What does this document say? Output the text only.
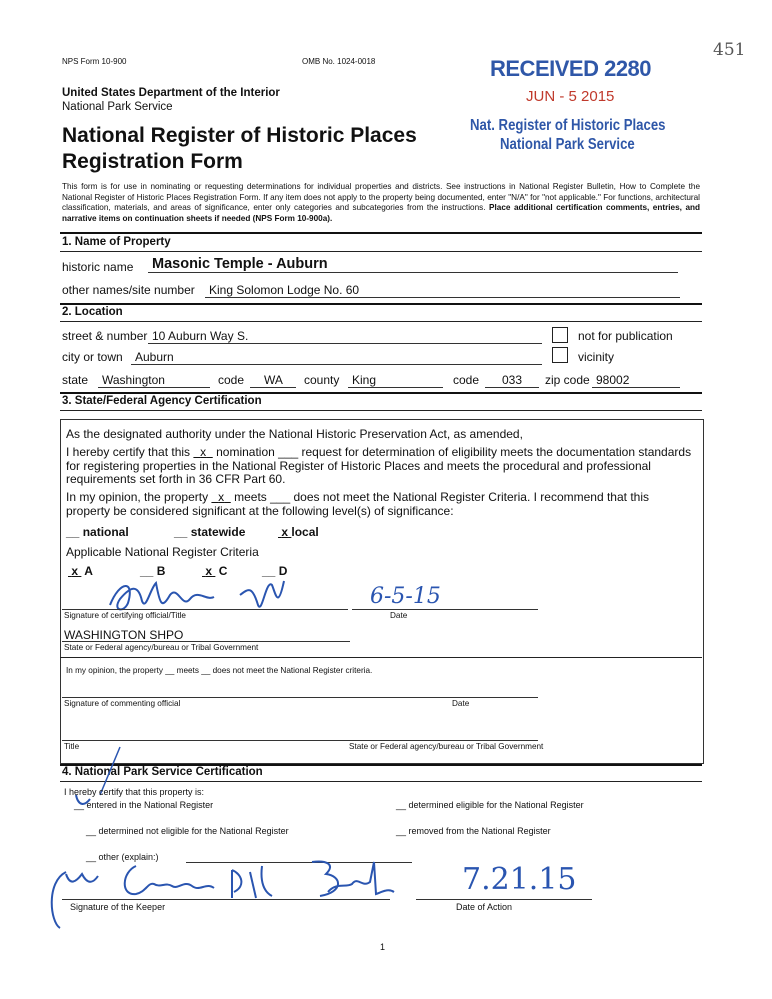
NPS Form 10-900	OMB No. 1024-0018
451
United States Department of the Interior
National Park Service
National Register of Historic Places
Registration Form
RECEIVED 2280
JUN - 5 2015
Nat. Register of Historic Places
National Park Service
This form is for use in nominating or requesting determinations for individual properties and districts. See instructions in National Register Bulletin, How to Complete the National Register of Historic Places Registration Form. If any item does not apply to the property being documented, enter "N/A" for "not applicable." For functions, architectural classification, materials, and areas of significance, enter only categories and subcategories from the instructions. Place additional certification comments, entries, and narrative items on continuation sheets if needed (NPS Form 10-900a).
1. Name of Property
historic name Masonic Temple - Auburn
other names/site number King Solomon Lodge No. 60
2. Location
street & number 10 Auburn Way S.	not for publication
city or town Auburn	vicinity
state Washington	code WA county King	code 033 zip code 98002
3. State/Federal Agency Certification
As the designated authority under the National Historic Preservation Act, as amended,
I hereby certify that this x nomination ___ request for determination of eligibility meets the documentation standards for registering properties in the National Register of Historic Places and meets the procedural and professional requirements set forth in 36 CFR Part 60.
In my opinion, the property x meets ___ does not meet the National Register Criteria. I recommend that this property be considered significant at the following level(s) of significance:
__ national	__ statewide	x local
Applicable National Register Criteria
x A	__ B	x C	__ D
Signature of certifying official/Title
6-5-15
Date
WASHINGTON SHPO
State or Federal agency/bureau or Tribal Government
In my opinion, the property __ meets __ does not meet the National Register criteria.
Signature of commenting official	Date
Title	State or Federal agency/bureau or Tribal Government
4. National Park Service Certification
I hereby certify that this property is:
__ entered in the National Register	__ determined eligible for the National Register
__ determined not eligible for the National Register	__ removed from the National Register
__ other (explain:)
7.21.15
Signature of the Keeper	Date of Action
1
